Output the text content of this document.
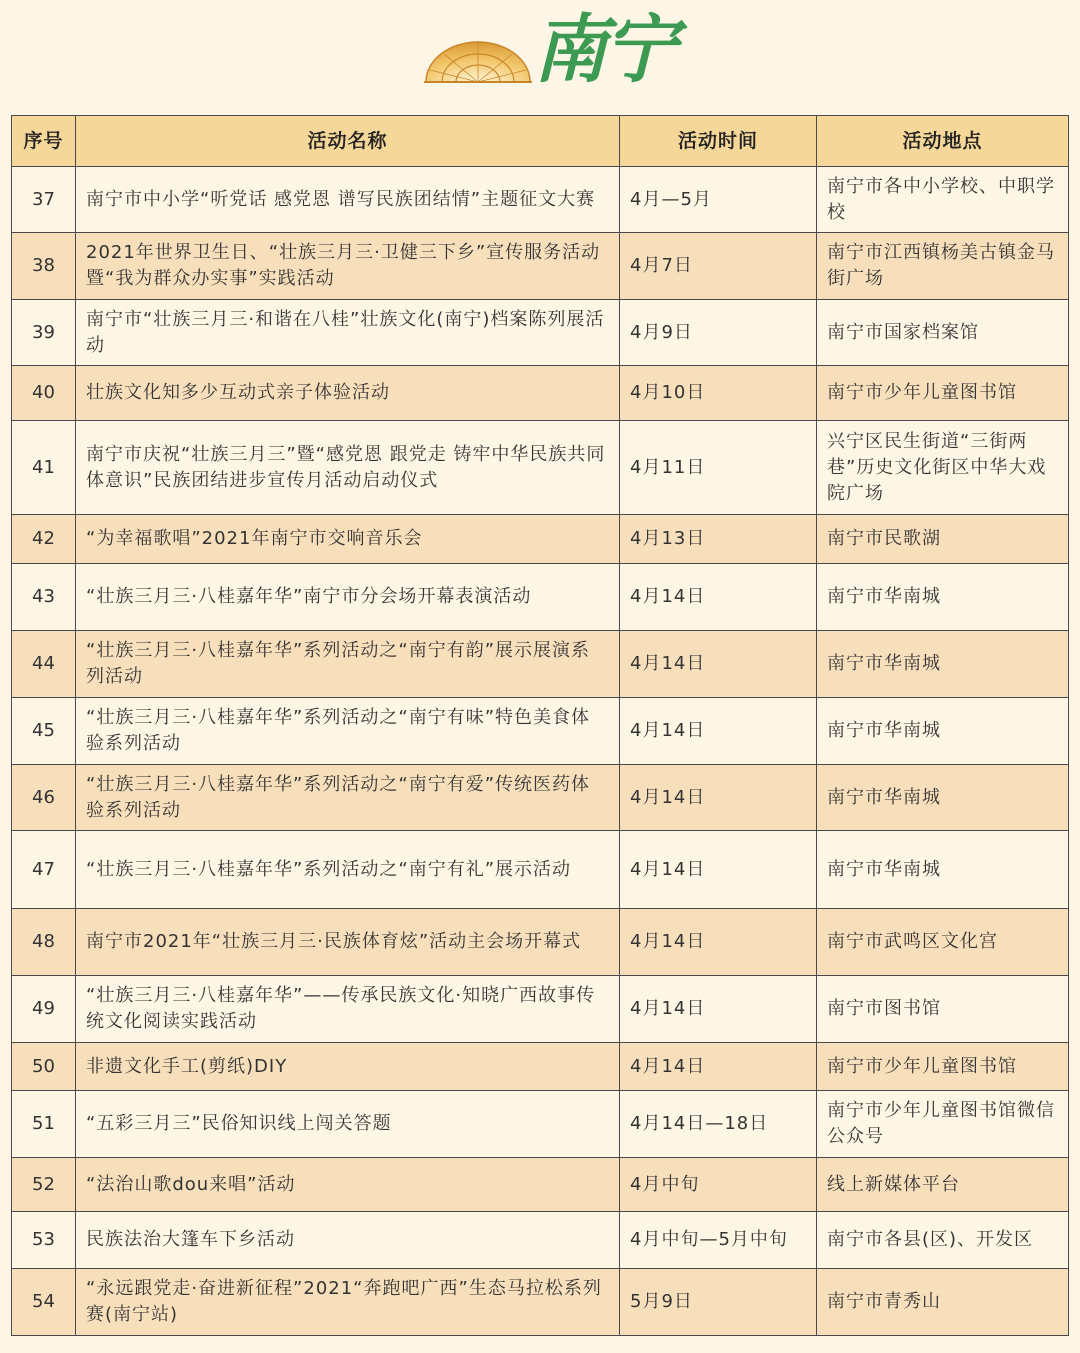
南宁
序号	活动名称	活动时间	活动地点
37	南宁市中小学“听党话 感党恩 谱写民族团结情”主题征文大赛	4月—5月	南宁市各中小学校、中职学校
38	2021年世界卫生日、“壮族三月三·卫健三下乡”宣传服务活动暨“我为群众办实事”实践活动	4月7日	南宁市江西镇杨美古镇金马街广场
39	南宁市“壮族三月三·和谐在八桂”壮族文化(南宁)档案陈列展活动	4月9日	南宁市国家档案馆
40	壮族文化知多少互动式亲子体验活动	4月10日	南宁市少年儿童图书馆
41	南宁市庆祝“壮族三月三”暨“感党恩 跟党走 铸牢中华民族共同体意识”民族团结进步宣传月活动启动仪式	4月11日	兴宁区民生街道“三街两巷”历史文化街区中华大戏院广场
42	“为幸福歌唱”2021年南宁市交响音乐会	4月13日	南宁市民歌湖
43	“壮族三月三·八桂嘉年华”南宁市分会场开幕表演活动	4月14日	南宁市华南城
44	“壮族三月三·八桂嘉年华”系列活动之“南宁有韵”展示展演系列活动	4月14日	南宁市华南城
45	“壮族三月三·八桂嘉年华”系列活动之“南宁有味”特色美食体验系列活动	4月14日	南宁市华南城
46	“壮族三月三·八桂嘉年华”系列活动之“南宁有爱”传统医药体验系列活动	4月14日	南宁市华南城
47	“壮族三月三·八桂嘉年华”系列活动之“南宁有礼”展示活动	4月14日	南宁市华南城
48	南宁市2021年“壮族三月三·民族体育炫”活动主会场开幕式	4月14日	南宁市武鸣区文化宫
49	“壮族三月三·八桂嘉年华”——传承民族文化·知晓广西故事传统文化阅读实践活动	4月14日	南宁市图书馆
50	非遗文化手工(剪纸)DIY	4月14日	南宁市少年儿童图书馆
51	“五彩三月三”民俗知识线上闯关答题	4月14日—18日	南宁市少年儿童图书馆微信公众号
52	“法治山歌dou来唱”活动	4月中旬	线上新媒体平台
53	民族法治大篷车下乡活动	4月中旬—5月中旬	南宁市各县(区)、开发区
54	“永远跟党走·奋进新征程”2021“奔跑吧广西”生态马拉松系列赛(南宁站)	5月9日	南宁市青秀山
